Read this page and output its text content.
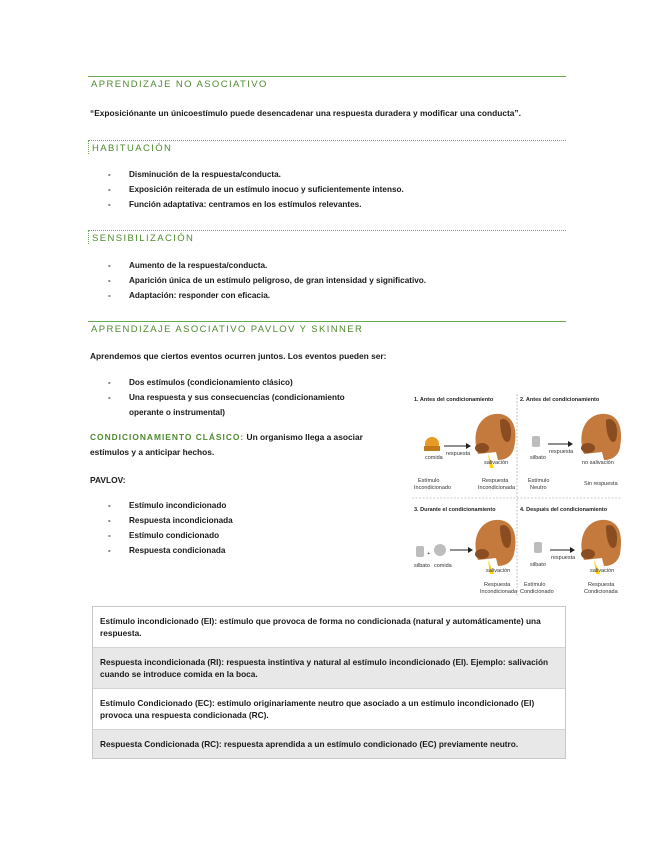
APRENDIZAJE NO ASOCIATIVO
“Exposiciónante un únicoestímulo puede desencadenar una respuesta duradera y modificar una conducta”.
HABITUACIÓN
- Disminución de la respuesta/conducta.
- Exposición reiterada de un estímulo inocuo y suficientemente intenso.
- Función adaptativa: centramos en los estímulos relevantes.
SENSIBILIZACIÓN
- Aumento de la respuesta/conducta.
- Aparición única de un estímulo peligroso, de gran intensidad y significativo.
- Adaptación: responder con eficacia.
APRENDIZAJE ASOCIATIVO PAVLOV Y SKINNER
Aprendemos que ciertos eventos ocurren juntos. Los eventos pueden ser:
- Dos estímulos (condicionamiento clásico)
- Una respuesta y sus consecuencias (condicionamiento
operante o instrumental)
CONDICIONAMIENTO CLÁSICO: Un organismo llega a asociar
estímulos y a anticipar hechos.
PAVLOV:
- Estímulo incondicionado
- Respuesta incondicionada
- Estímulo condicionado
- Respuesta condicionada
1. Antes del condicionamiento
comida
respuesta
salivación
Estímulo
Incondicionado
Respuesta
Incondicionada
2. Antes del condicionamiento
silbato
respuesta
no salivación
Estímulo
Neutro
Sin respuesta
3. Durante el condicionamiento
+
silbato comida
salivación
Respuesta
Incondicionada
4. Después del condicionamiento
silbato
respuesta
salivación
Estímulo
Condicionado
Respuesta
Condicionada
Estímulo incondicionado (EI): estímulo que provoca de forma no condicionada (natural y automáticamente) una respuesta.
Respuesta incondicionada (RI): respuesta instintiva y natural al estímulo incondicionado (EI). Ejemplo: salivación cuando se introduce comida en la boca.
Estímulo Condicionado (EC): estímulo originariamente neutro que asociado a un estímulo incondicionado (EI) provoca una respuesta condicionada (RC).
Respuesta Condicionada (RC): respuesta aprendida a un estímulo condicionado (EC) previamente neutro.
